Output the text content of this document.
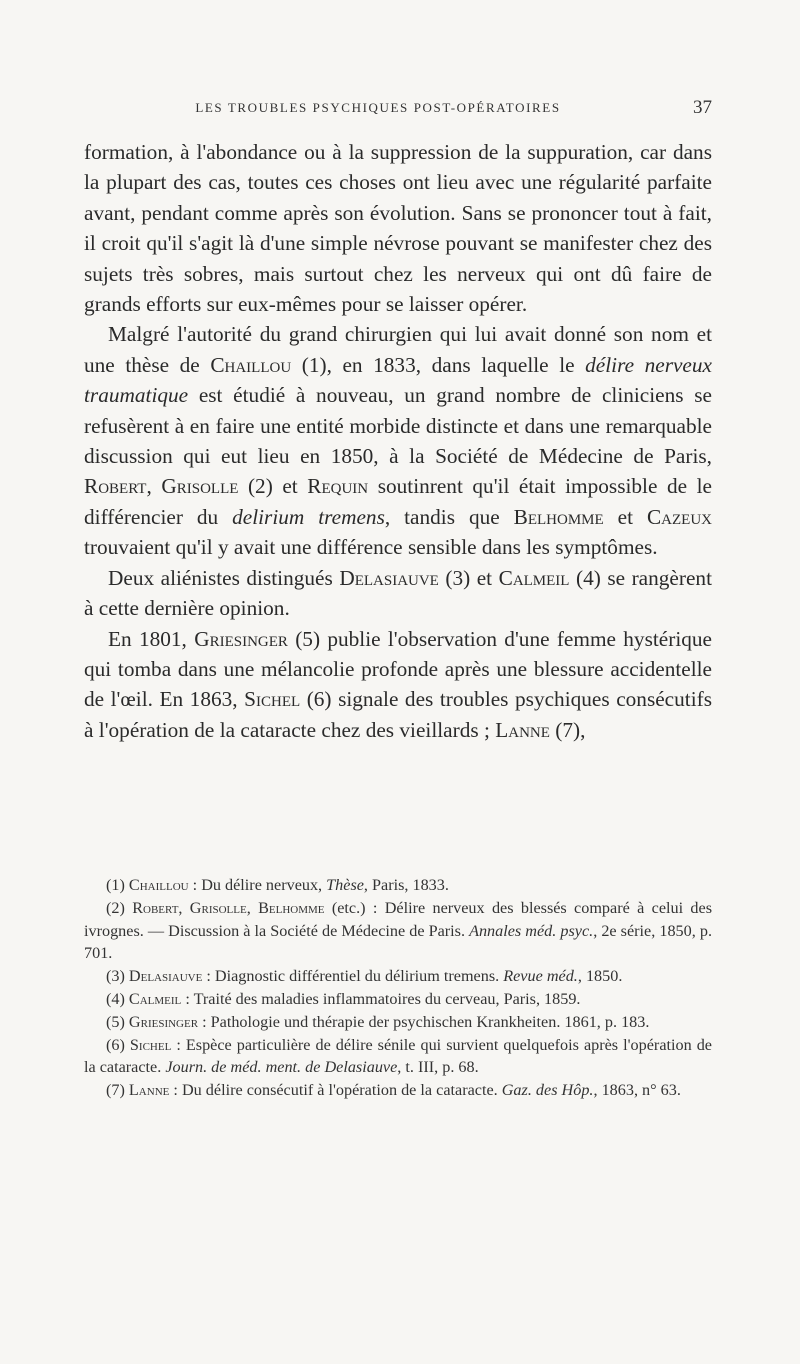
LES TROUBLES PSYCHIQUES POST-OPÉRATOIRES	37

formation, à l'abondance ou à la suppression de la suppuration, car dans la plupart des cas, toutes ces choses ont lieu avec une régularité parfaite avant, pendant comme après son évolution. Sans se prononcer tout à fait, il croit qu'il s'agit là d'une simple névrose pouvant se manifester chez des sujets très sobres, mais surtout chez les nerveux qui ont dû faire de grands efforts sur eux-mêmes pour se laisser opérer.

Malgré l'autorité du grand chirurgien qui lui avait donné son nom et une thèse de Chaillou (1), en 1833, dans laquelle le délire nerveux traumatique est étudié à nouveau, un grand nombre de cliniciens se refusèrent à en faire une entité morbide distincte et dans une remarquable discussion qui eut lieu en 1850, à la Société de Médecine de Paris, Robert, Grisolle (2) et Requin soutinrent qu'il était impossible de le différencier du delirium tremens, tandis que Belhomme et Cazeux trouvaient qu'il y avait une différence sensible dans les symptômes.

Deux aliénistes distingués Delasiauve (3) et Calmeil (4) se rangèrent à cette dernière opinion.

En 1801, Griesinger (5) publie l'observation d'une femme hystérique qui tomba dans une mélancolie profonde après une blessure accidentelle de l'œil. En 1863, Sichel (6) signale des troubles psychiques consécutifs à l'opération de la cataracte chez des vieillards ; Lanne (7),

(1) Chaillou : Du délire nerveux, Thèse, Paris, 1833.

(2) Robert, Grisolle, Belhomme (etc.) : Délire nerveux des blessés comparé à celui des ivrognes. — Discussion à la Société de Médecine de Paris. Annales méd. psyc., 2e série, 1850, p. 701.

(3) Delasiauve : Diagnostic différentiel du délirium tremens. Revue méd., 1850.

(4) Calmeil : Traité des maladies inflammatoires du cerveau, Paris, 1859.

(5) Griesinger : Pathologie und thérapie der psychischen Krankheiten. 1861, p. 183.

(6) Sichel : Espèce particulière de délire sénile qui survient quelquefois après l'opération de la cataracte. Journ. de méd. ment. de Delasiauve, t. III, p. 68.

(7) Lanne : Du délire consécutif à l'opération de la cataracte. Gaz. des Hôp., 1863, n° 63.
